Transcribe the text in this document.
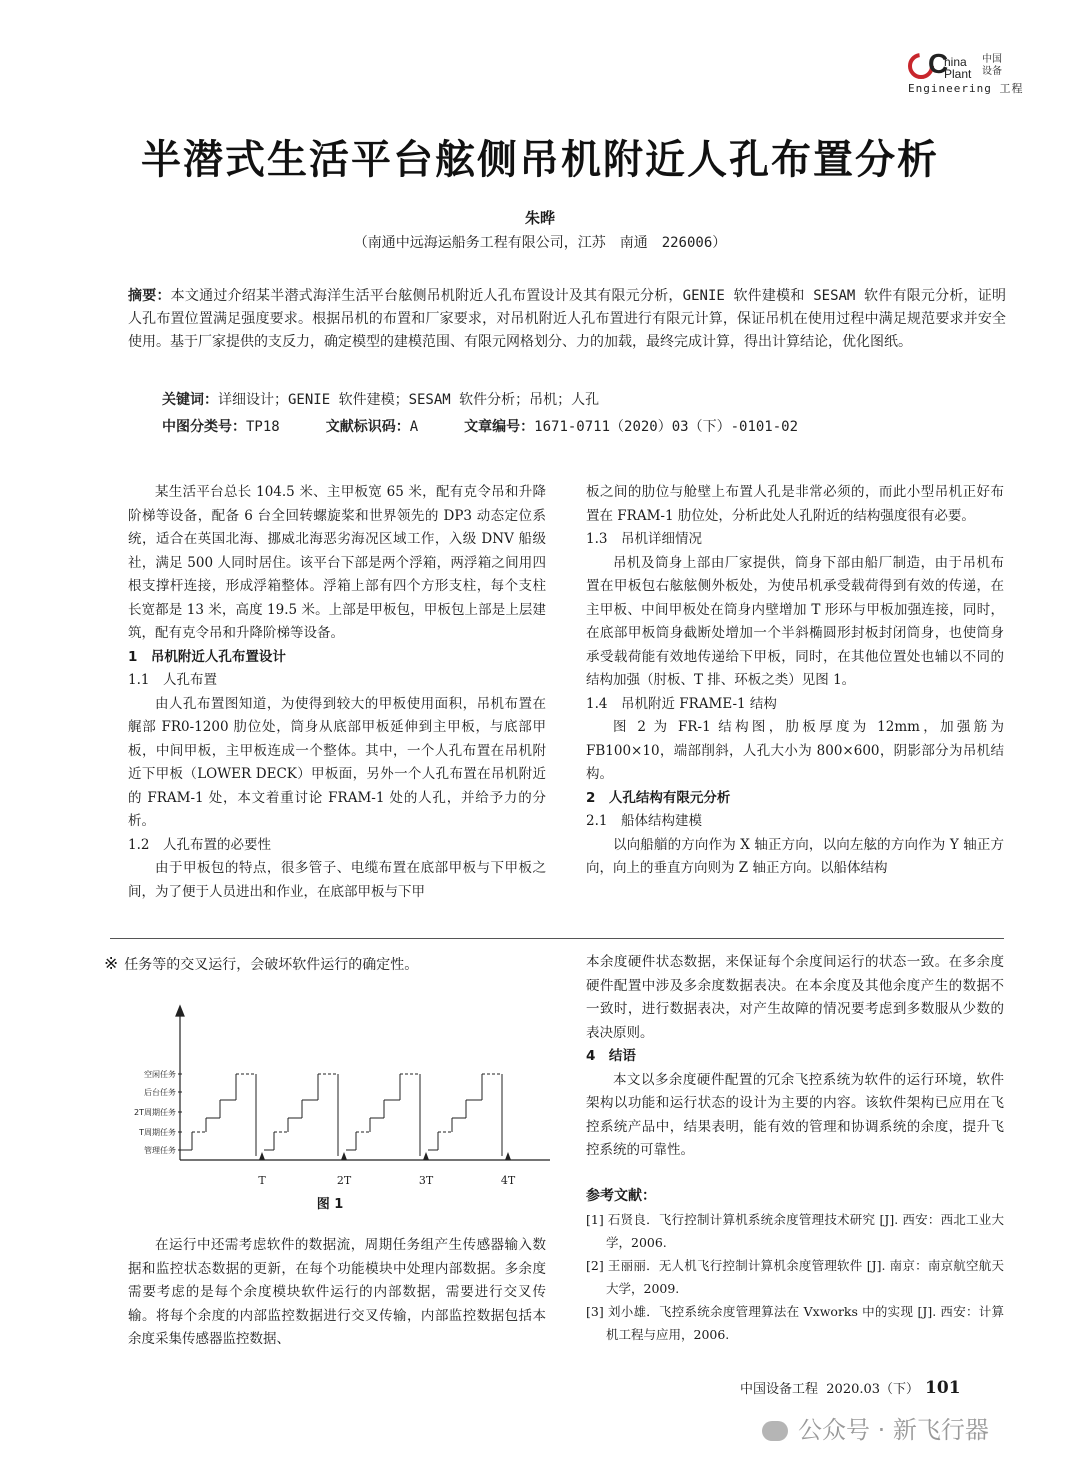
C
hina
Plant
中国
设备
Engineering 工程
半潜式生活平台舷侧吊机附近人孔布置分析
朱晔
（南通中远海运船务工程有限公司，江苏　南通　226006）
摘要：本文通过介绍某半潜式海洋生活平台舷侧吊机附近人孔布置设计及其有限元分析，GENIE 软件建模和 SESAM 软件有限元分析，证明人孔布置位置满足强度要求。根据吊机的布置和厂家要求，对吊机附近人孔布置进行有限元计算，保证吊机在使用过程中满足规范要求并安全使用。基于厂家提供的支反力，确定模型的建模范围、有限元网格划分、力的加载，最终完成计算，得出计算结论，优化图纸。
关键词：详细设计；GENIE 软件建模；SESAM 软件分析；吊机；人孔
中图分类号：TP18	文献标识码：A	文章编号：1671-0711（2020）03（下）-0101-02

某生活平台总长 104.5 米、主甲板宽 65 米，配有克令吊和升降阶梯等设备，配备 6 台全回转螺旋桨和世界领先的 DP3 动态定位系统，适合在英国北海、挪威北海恶劣海况区域工作，入级 DNV 船级社，满足 500 人同时居住。该平台下部是两个浮箱，两浮箱之间用四根支撑杆连接，形成浮箱整体。浮箱上部有四个方形支柱，每个支柱长宽都是 13 米，高度 19.5 米。上部是甲板包，甲板包上部是上层建筑，配有克令吊和升降阶梯等设备。

1　吊机附近人孔布置设计

1.1　人孔布置

由人孔布置图知道，为使得到较大的甲板使用面积，吊机布置在艉部 FR0-1200 肋位处，筒身从底部甲板延伸到主甲板，与底部甲板，中间甲板，主甲板连成一个整体。其中，一个人孔布置在吊机附近下甲板（LOWER DECK）甲板面，另外一个人孔布置在吊机附近的 FRAM-1 处，本文着重讨论 FRAM-1 处的人孔，并给予力的分析。

1.2　人孔布置的必要性

由于甲板包的特点，很多管子、电缆布置在底部甲板与下甲板之间，为了便于人员进出和作业，在底部甲板与下甲

板之间的肋位与舱壁上布置人孔是非常必须的，而此小型吊机正好布置在 FRAM-1 肋位处，分析此处人孔附近的结构强度很有必要。

1.3　吊机详细情况

吊机及筒身上部由厂家提供，筒身下部由船厂制造，由于吊机布置在甲板包右舷舷侧外板处，为使吊机承受载荷得到有效的传递，在主甲板、中间甲板处在筒身内壁增加 T 形环与甲板加强连接，同时，在底部甲板筒身截断处增加一个半斜椭圆形封板封闭筒身，也使筒身承受载荷能有效地传递给下甲板，同时，在其他位置处也辅以不同的结构加强（肘板、T 排、环板之类）见图 1。

1.4　吊机附近 FRAME-1 结构

图 2 为 FR-1 结构图，肋板厚度为 12mm，加强筋为 FB100×10，端部削斜，人孔大小为 800×600，阴影部分为吊机结构。

2　人孔结构有限元分析

2.1　船体结构建模

以向船艏的方向作为 X 轴正方向，以向左舷的方向作为 Y 轴正方向，向上的垂直方向则为 Z 轴正方向。以船体结构

※ 任务等的交叉运行，会破坏软件运行的确定性。
管理任务
T周期任务
2T周期任务
后台任务
空闲任务
T	2T	3T	4T
图 1

在运行中还需考虑软件的数据流，周期任务组产生传感器输入数据和监控状态数据的更新，在每个功能模块中处理内部数据。多余度需要考虑的是每个余度模块软件运行的内部数据，需要进行交叉传输。将每个余度的内部监控数据进行交叉传输，内部监控数据包括本余度采集传感器监控数据、

本余度硬件状态数据，来保证每个余度间运行的状态一致。在多余度硬件配置中涉及多余度数据表决。在本余度及其他余度产生的数据不一致时，进行数据表决，对产生故障的情况要考虑到多数服从少数的表决原则。

4　结语

本文以多余度硬件配置的冗余飞控系统为软件的运行环境，软件架构以功能和运行状态的设计为主要的内容。该软件架构已应用在飞控系统产品中，结果表明，能有效的管理和协调系统的余度，提升飞控系统的可靠性。

参考文献：
[1] 石贤良．飞行控制计算机系统余度管理技术研究 [J]. 西安：西北工业大学，2006.
[2] 王丽丽．无人机飞行控制计算机余度管理软件 [J]. 南京：南京航空航天大学，2009.
[3] 刘小雄．飞控系统余度管理算法在 Vxworks 中的实现 [J]. 西安：计算机工程与应用，2006.
中国设备工程 2020.03（下） 101
公众号 · 新飞行器
